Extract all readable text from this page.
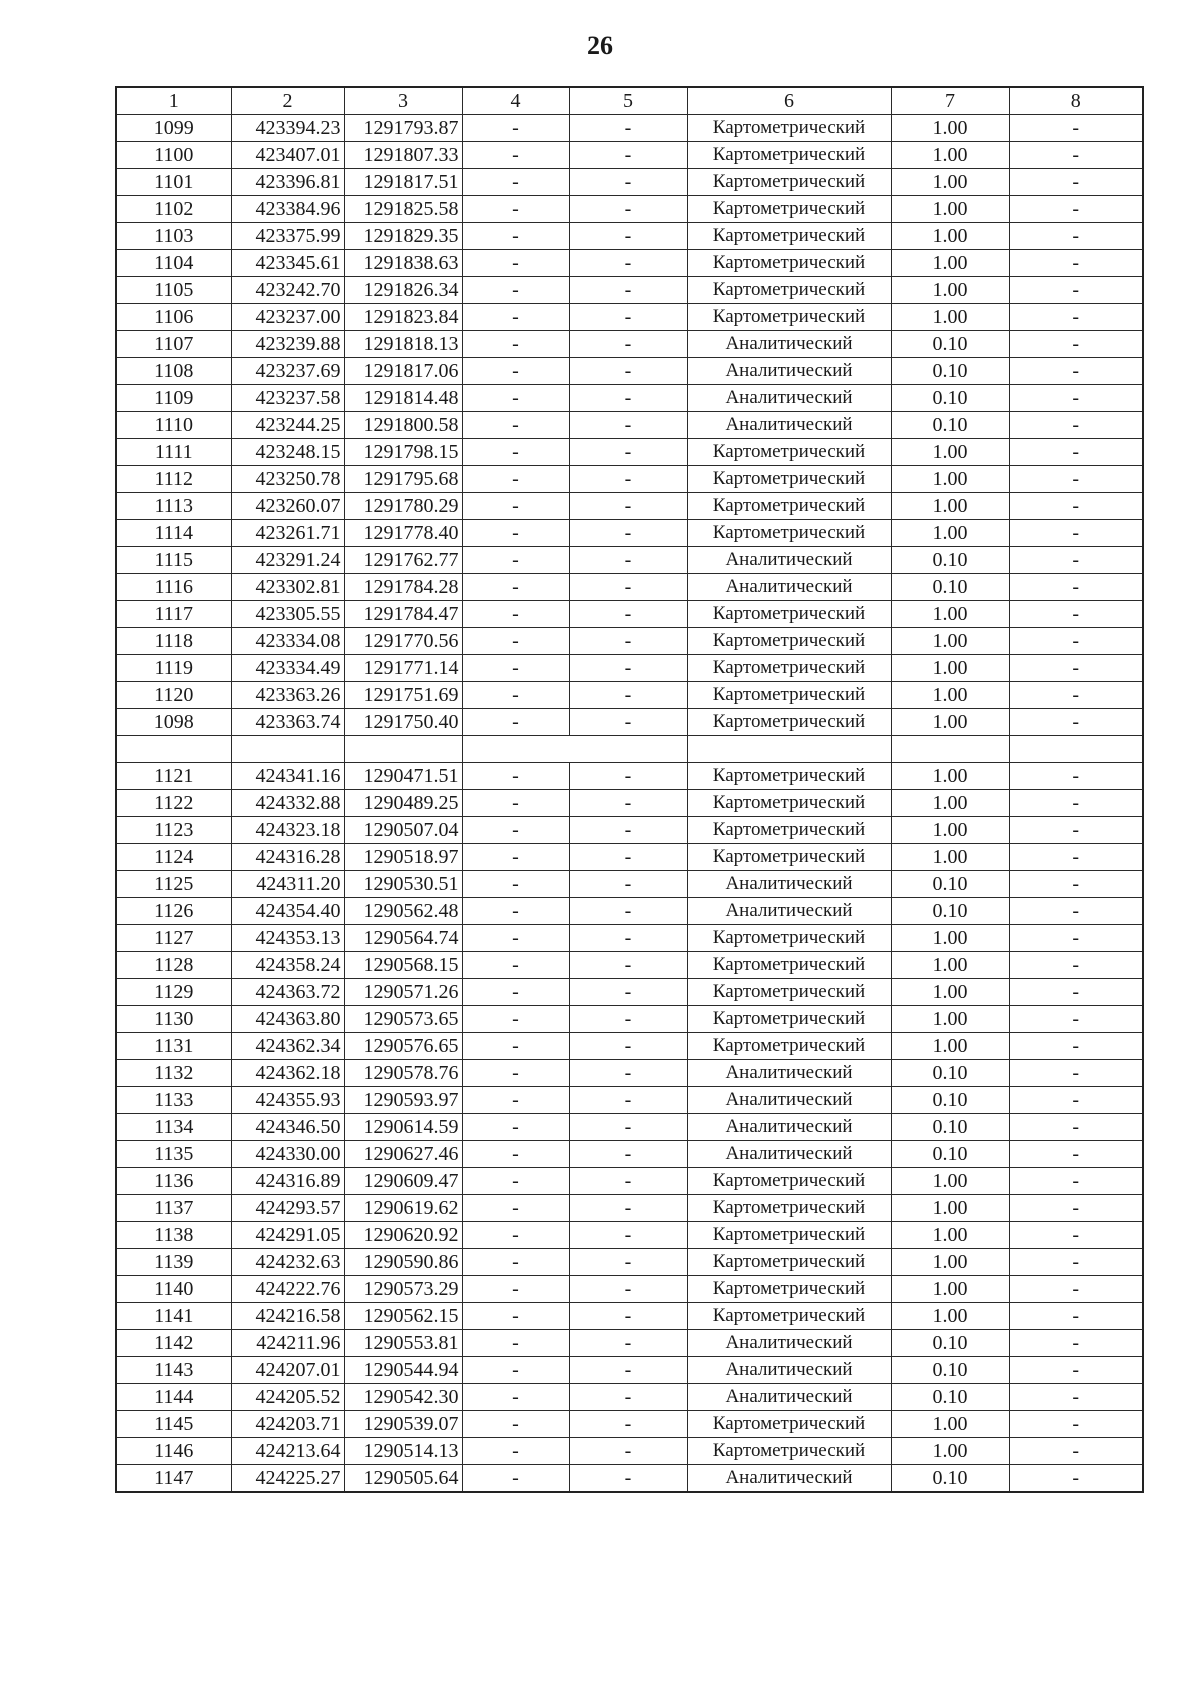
26
1	2	3	4	5	6	7	8
1099	423394.23	1291793.87	-	-	Картометрический	1.00	-
1100	423407.01	1291807.33	-	-	Картометрический	1.00	-
1101	423396.81	1291817.51	-	-	Картометрический	1.00	-
1102	423384.96	1291825.58	-	-	Картометрический	1.00	-
1103	423375.99	1291829.35	-	-	Картометрический	1.00	-
1104	423345.61	1291838.63	-	-	Картометрический	1.00	-
1105	423242.70	1291826.34	-	-	Картометрический	1.00	-
1106	423237.00	1291823.84	-	-	Картометрический	1.00	-
1107	423239.88	1291818.13	-	-	Аналитический	0.10	-
1108	423237.69	1291817.06	-	-	Аналитический	0.10	-
1109	423237.58	1291814.48	-	-	Аналитический	0.10	-
1110	423244.25	1291800.58	-	-	Аналитический	0.10	-
1111	423248.15	1291798.15	-	-	Картометрический	1.00	-
1112	423250.78	1291795.68	-	-	Картометрический	1.00	-
1113	423260.07	1291780.29	-	-	Картометрический	1.00	-
1114	423261.71	1291778.40	-	-	Картометрический	1.00	-
1115	423291.24	1291762.77	-	-	Аналитический	0.10	-
1116	423302.81	1291784.28	-	-	Аналитический	0.10	-
1117	423305.55	1291784.47	-	-	Картометрический	1.00	-
1118	423334.08	1291770.56	-	-	Картометрический	1.00	-
1119	423334.49	1291771.14	-	-	Картометрический	1.00	-
1120	423363.26	1291751.69	-	-	Картометрический	1.00	-
1098	423363.74	1291750.40	-	-	Картометрический	1.00	-

1121	424341.16	1290471.51	-	-	Картометрический	1.00	-
1122	424332.88	1290489.25	-	-	Картометрический	1.00	-
1123	424323.18	1290507.04	-	-	Картометрический	1.00	-
1124	424316.28	1290518.97	-	-	Картометрический	1.00	-
1125	424311.20	1290530.51	-	-	Аналитический	0.10	-
1126	424354.40	1290562.48	-	-	Аналитический	0.10	-
1127	424353.13	1290564.74	-	-	Картометрический	1.00	-
1128	424358.24	1290568.15	-	-	Картометрический	1.00	-
1129	424363.72	1290571.26	-	-	Картометрический	1.00	-
1130	424363.80	1290573.65	-	-	Картометрический	1.00	-
1131	424362.34	1290576.65	-	-	Картометрический	1.00	-
1132	424362.18	1290578.76	-	-	Аналитический	0.10	-
1133	424355.93	1290593.97	-	-	Аналитический	0.10	-
1134	424346.50	1290614.59	-	-	Аналитический	0.10	-
1135	424330.00	1290627.46	-	-	Аналитический	0.10	-
1136	424316.89	1290609.47	-	-	Картометрический	1.00	-
1137	424293.57	1290619.62	-	-	Картометрический	1.00	-
1138	424291.05	1290620.92	-	-	Картометрический	1.00	-
1139	424232.63	1290590.86	-	-	Картометрический	1.00	-
1140	424222.76	1290573.29	-	-	Картометрический	1.00	-
1141	424216.58	1290562.15	-	-	Картометрический	1.00	-
1142	424211.96	1290553.81	-	-	Аналитический	0.10	-
1143	424207.01	1290544.94	-	-	Аналитический	0.10	-
1144	424205.52	1290542.30	-	-	Аналитический	0.10	-
1145	424203.71	1290539.07	-	-	Картометрический	1.00	-
1146	424213.64	1290514.13	-	-	Картометрический	1.00	-
1147	424225.27	1290505.64	-	-	Аналитический	0.10	-
